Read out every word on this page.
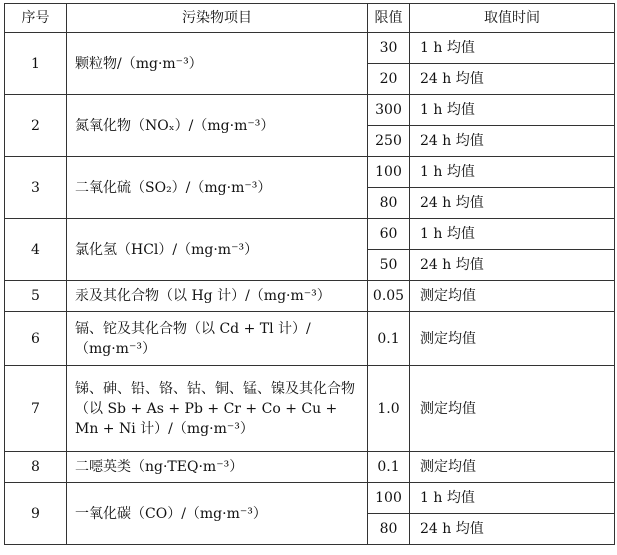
序号	污染物项目	限值	取值时间
1	颗粒物/（mg·m⁻³）	30	1 h 均值
		20	24 h 均值
2	氮氧化物（NOₓ）/（mg·m⁻³）	300	1 h 均值
		250	24 h 均值
3	二氧化硫（SO₂）/（mg·m⁻³）	100	1 h 均值
		80	24 h 均值
4	氯化氢（HCl）/（mg·m⁻³）	60	1 h 均值
		50	24 h 均值
5	汞及其化合物（以 Hg 计）/（mg·m⁻³）	0.05	测定均值
6	镉、铊及其化合物（以 Cd + Tl 计）/（mg·m⁻³）	0.1	测定均值
7	锑、砷、铅、铬、钴、铜、锰、镍及其化合物（以 Sb + As + Pb + Cr + Co + Cu + Mn + Ni 计）/（mg·m⁻³）	1.0	测定均值
8	二噁英类（ng·TEQ·m⁻³）	0.1	测定均值
9	一氧化碳（CO）/（mg·m⁻³）	100	1 h 均值
		80	24 h 均值
